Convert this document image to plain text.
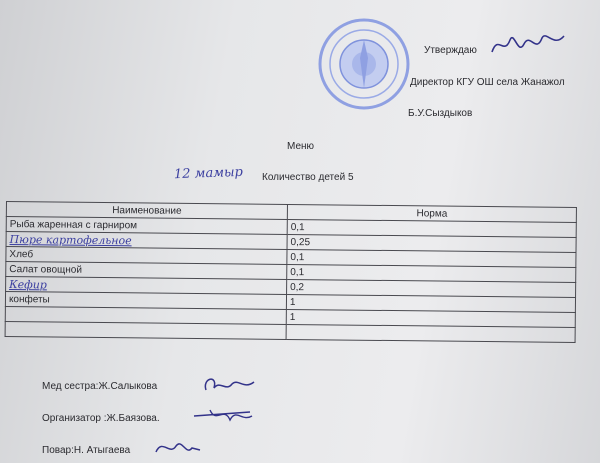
Утверждаю
Директор КГУ ОШ села Жанажол
Б.У.Сыздыков
Меню
12 мамыр Количество детей 5
Наименование	Норма
Рыба жаренная с гарниром	0,1
Пюре картофельное	0,25
Хлеб	0,1
Салат овощной	0,1
Кефир	0,2
конфеты	1
	1

Мед сестра:Ж.Салыкова
Организатор :Ж.Баязова.
Повар:Н. Атыгаева
